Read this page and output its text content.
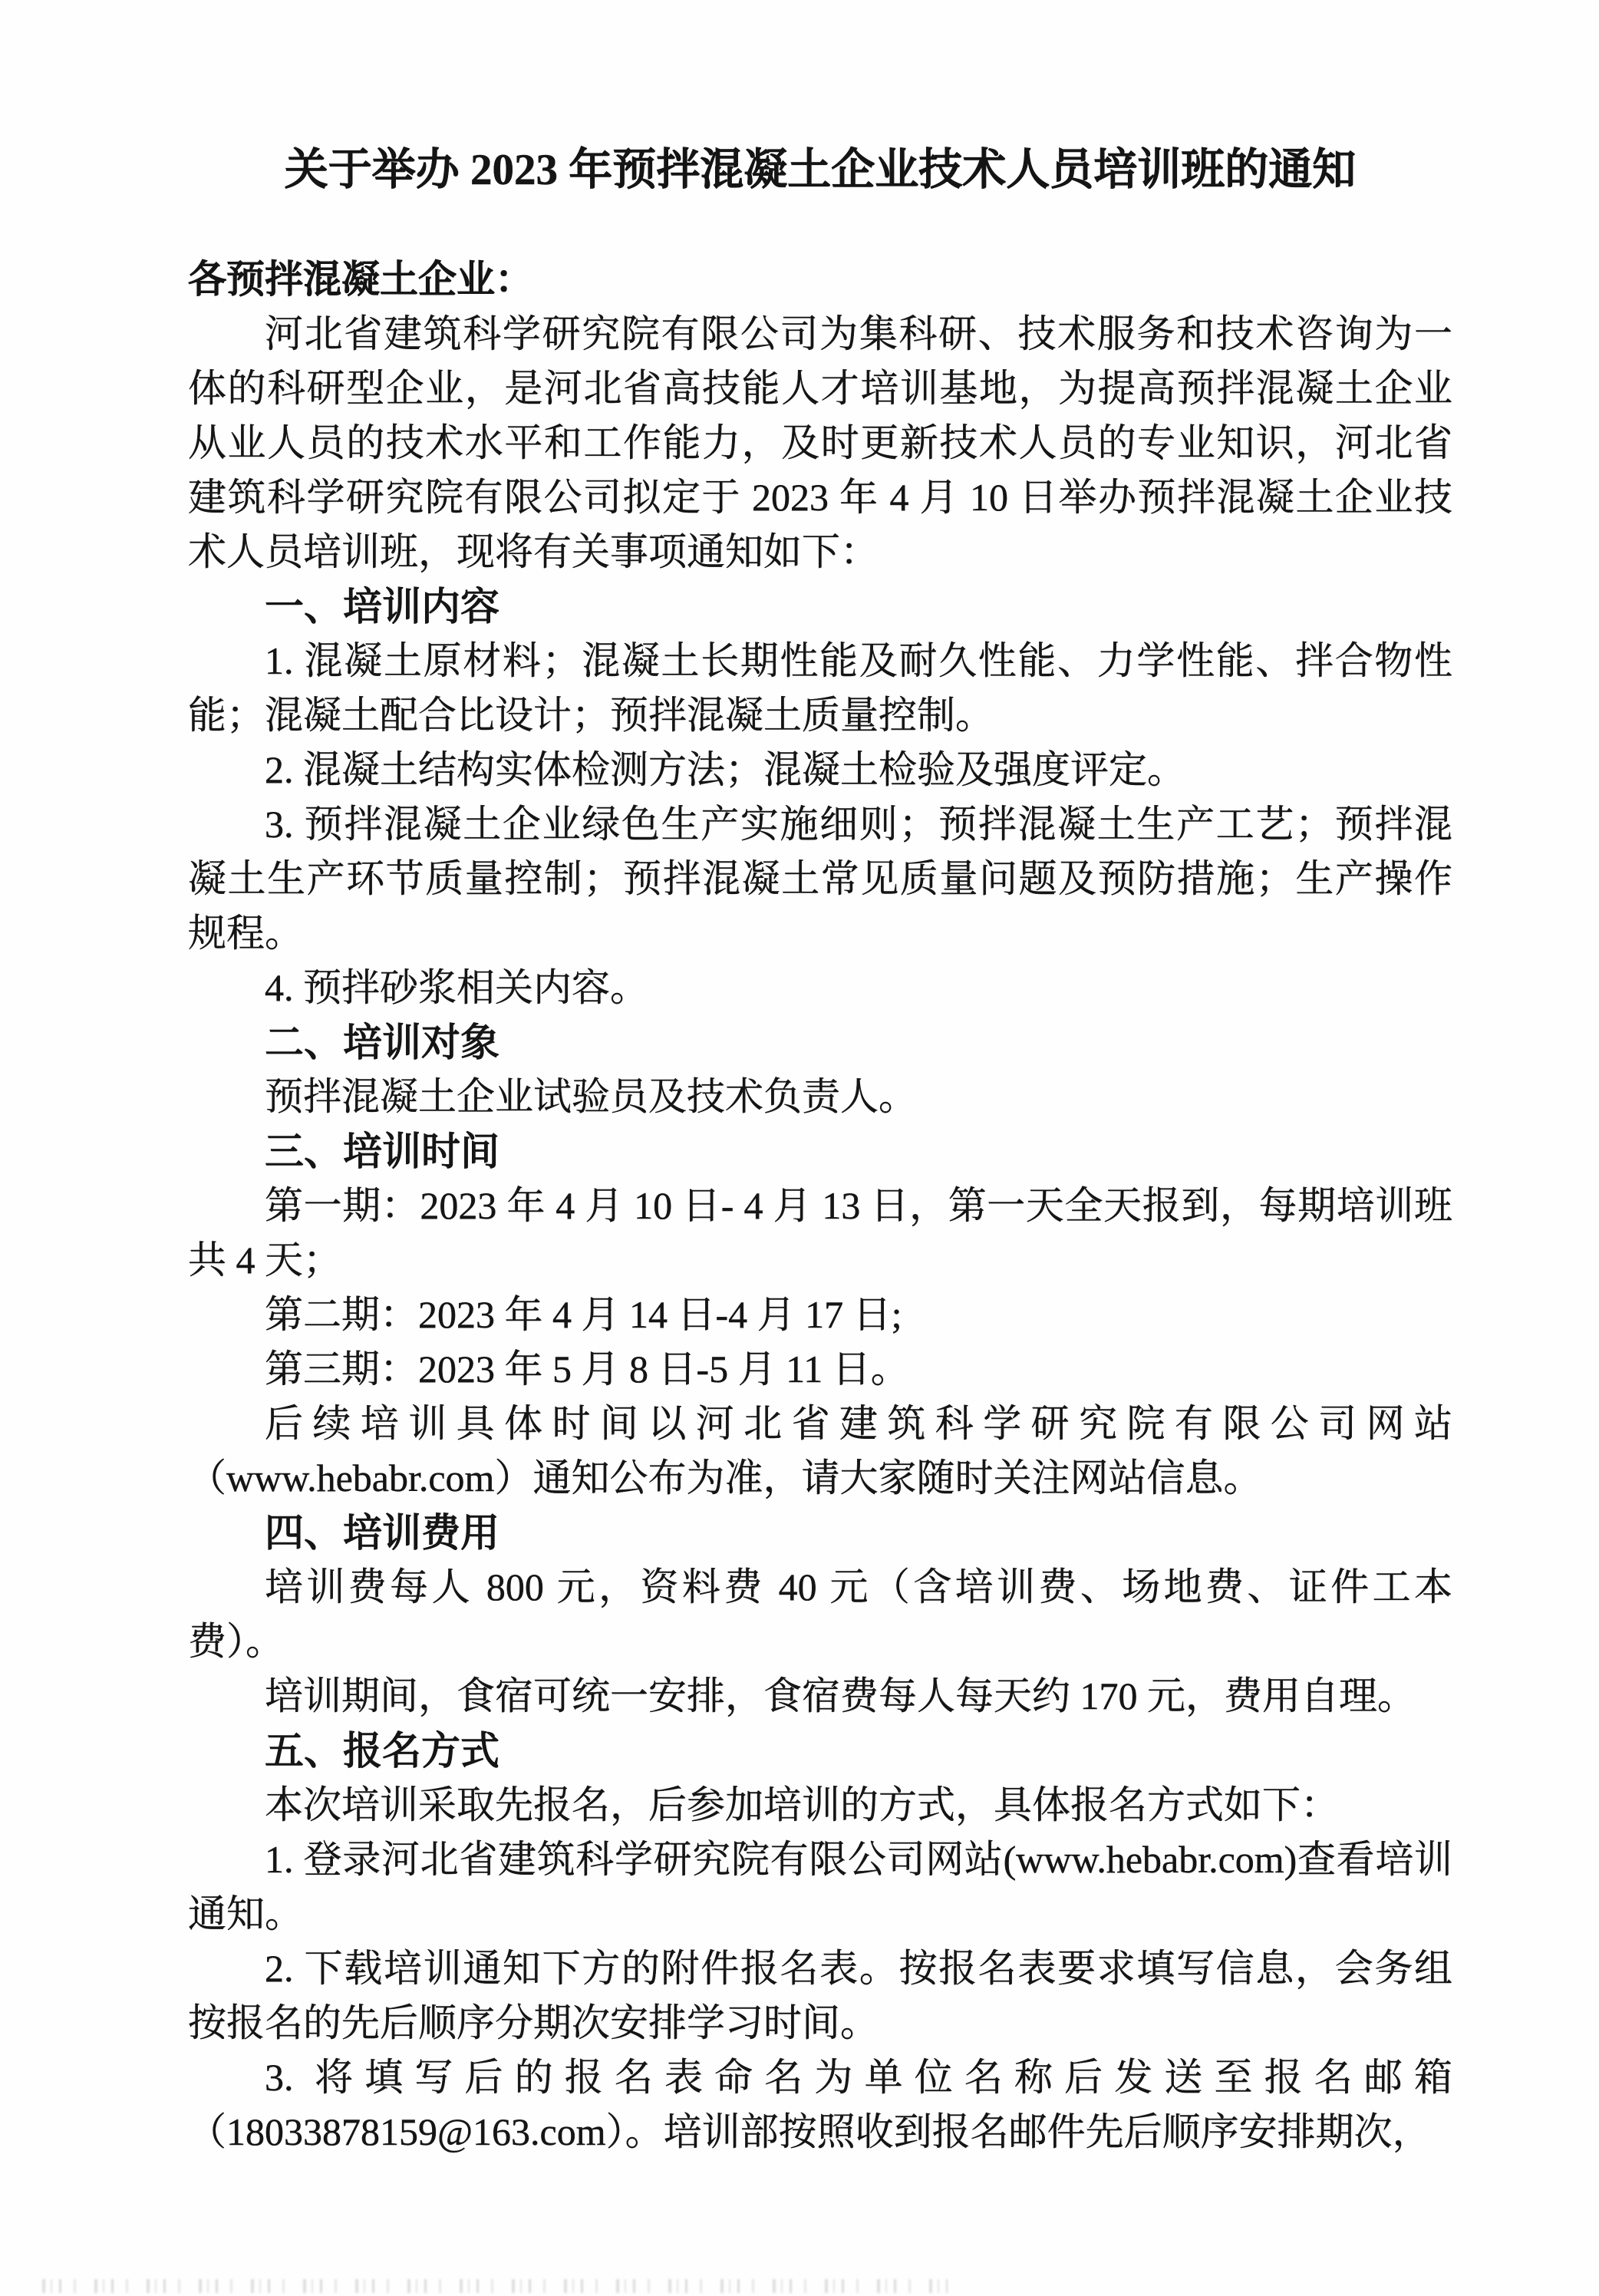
关于举办 2023 年预拌混凝土企业技术人员培训班的通知

各预拌混凝土企业：

河北省建筑科学研究院有限公司为集科研、技术服务和技术咨询为一体的科研型企业，是河北省高技能人才培训基地，为提高预拌混凝土企业从业人员的技术水平和工作能力，及时更新技术人员的专业知识，河北省建筑科学研究院有限公司拟定于 2023 年 4 月 10 日举办预拌混凝土企业技术人员培训班，现将有关事项通知如下：

一、培训内容

1. 混凝土原材料；混凝土长期性能及耐久性能、力学性能、拌合物性能；混凝土配合比设计；预拌混凝土质量控制。

2. 混凝土结构实体检测方法；混凝土检验及强度评定。

3. 预拌混凝土企业绿色生产实施细则；预拌混凝土生产工艺；预拌混凝土生产环节质量控制；预拌混凝土常见质量问题及预防措施；生产操作规程。

4. 预拌砂浆相关内容。

二、培训对象

预拌混凝土企业试验员及技术负责人。

三、培训时间

第一期：2023 年 4 月 10 日- 4 月 13 日，第一天全天报到，每期培训班共 4 天；

第二期：2023 年 4 月 14 日-4 月 17 日;

第三期：2023 年 5 月 8 日-5 月 11 日。

后续培训具体时间以河北省建筑科学研究院有限公司网站（www.hebabr.com）通知公布为准，请大家随时关注网站信息。

四、培训费用

培训费每人 800 元，资料费 40 元（含培训费、场地费、证件工本费）。

培训期间，食宿可统一安排，食宿费每人每天约 170 元，费用自理。

五、报名方式

本次培训采取先报名，后参加培训的方式，具体报名方式如下：

1. 登录河北省建筑科学研究院有限公司网站(www.hebabr.com)查看培训通知。

2. 下载培训通知下方的附件报名表。按报名表要求填写信息，会务组按报名的先后顺序分期次安排学习时间。

3. 将填写后的报名表命名为单位名称后发送至报名邮箱（18033878159@163.com）。培训部按照收到报名邮件先后顺序安排期次，
